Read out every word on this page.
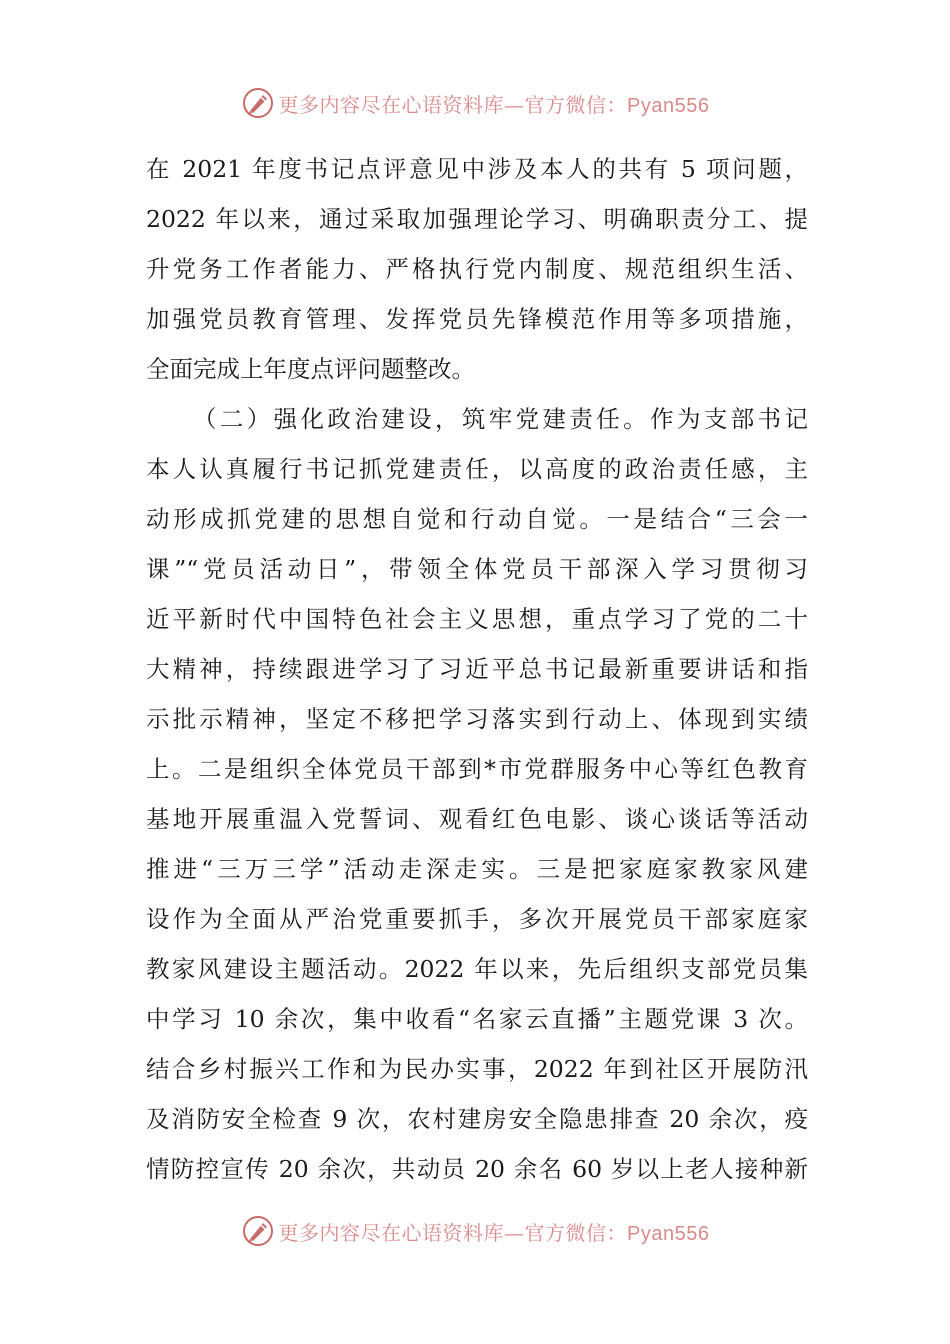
更多内容尽在心语资料库—官方微信：Pyan556
在 2021 年度书记点评意见中涉及本人的共有 5 项问题，
2022 年以来，通过采取加强理论学习、明确职责分工、提
升党务工作者能力、严格执行党内制度、规范组织生活、
加强党员教育管理、发挥党员先锋模范作用等多项措施，
全面完成上年度点评问题整改。
（二）强化政治建设，筑牢党建责任。作为支部书记
本人认真履行书记抓党建责任，以高度的政治责任感，主
动形成抓党建的思想自觉和行动自觉。一是结合“三会一
课”“党员活动日”，带领全体党员干部深入学习贯彻习
近平新时代中国特色社会主义思想，重点学习了党的二十
大精神，持续跟进学习了习近平总书记最新重要讲话和指
示批示精神，坚定不移把学习落实到行动上、体现到实绩
上。二是组织全体党员干部到*市党群服务中心等红色教育
基地开展重温入党誓词、观看红色电影、谈心谈话等活动
推进“三万三学”活动走深走实。三是把家庭家教家风建
设作为全面从严治党重要抓手，多次开展党员干部家庭家
教家风建设主题活动。2022 年以来，先后组织支部党员集
中学习 10 余次，集中收看“名家云直播”主题党课 3 次。
结合乡村振兴工作和为民办实事，2022 年到社区开展防汛
及消防安全检查 9 次，农村建房安全隐患排查 20 余次，疫
情防控宣传 20 余次，共动员 20 余名 60 岁以上老人接种新
更多内容尽在心语资料库—官方微信：Pyan556
